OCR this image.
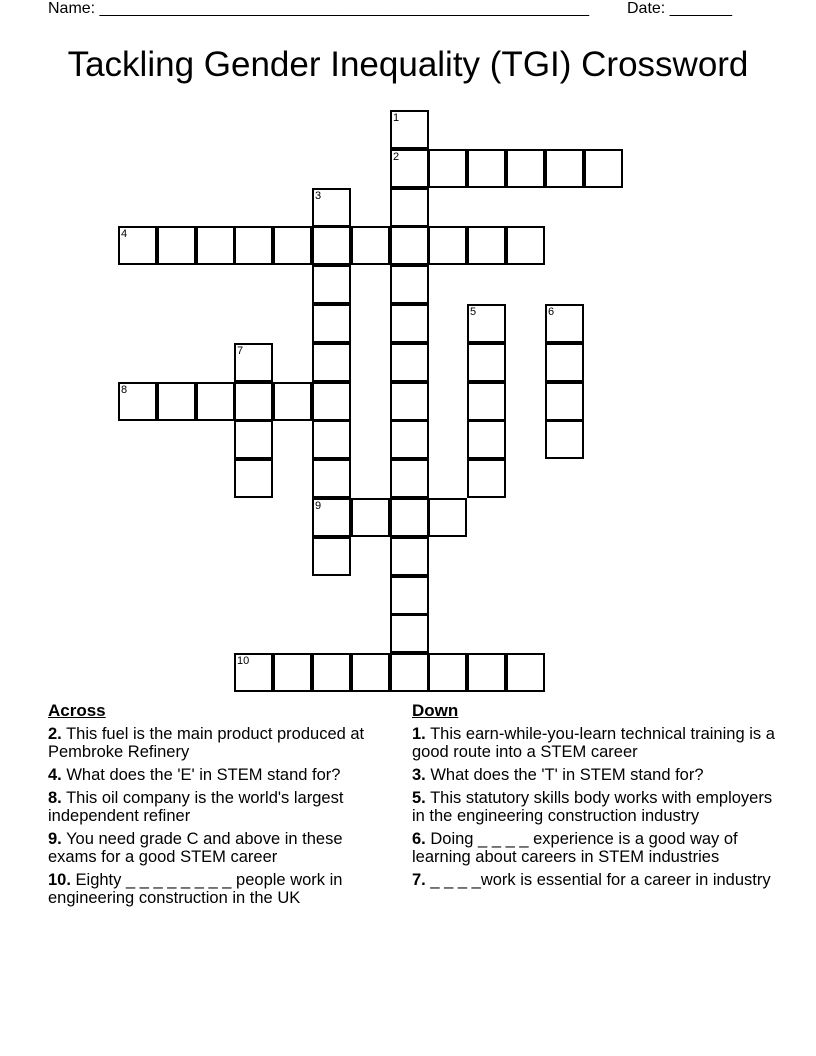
Name: _______________________________________________________ Date: _______
Tackling Gender Inequality (TGI) Crossword
1
2
3
9
4
5	6
7
8
10
Across
2. This fuel is the main product produced at Pembroke Refinery
4. What does the 'E' in STEM stand for?
8. This oil company is the world's largest independent refiner
9. You need grade C and above in these exams for a good STEM career
10. Eighty _ _ _ _ _ _ _ _ people work in engineering construction in the UK
Down
1. This earn-while-you-learn technical training is a good route into a STEM career
3. What does the 'T' in STEM stand for?
5. This statutory skills body works with employers in the engineering construction industry
6. Doing _ _ _ _ experience is a good way of learning about careers in STEM industries
7. _ _ _ _work is essential for a career in industry
